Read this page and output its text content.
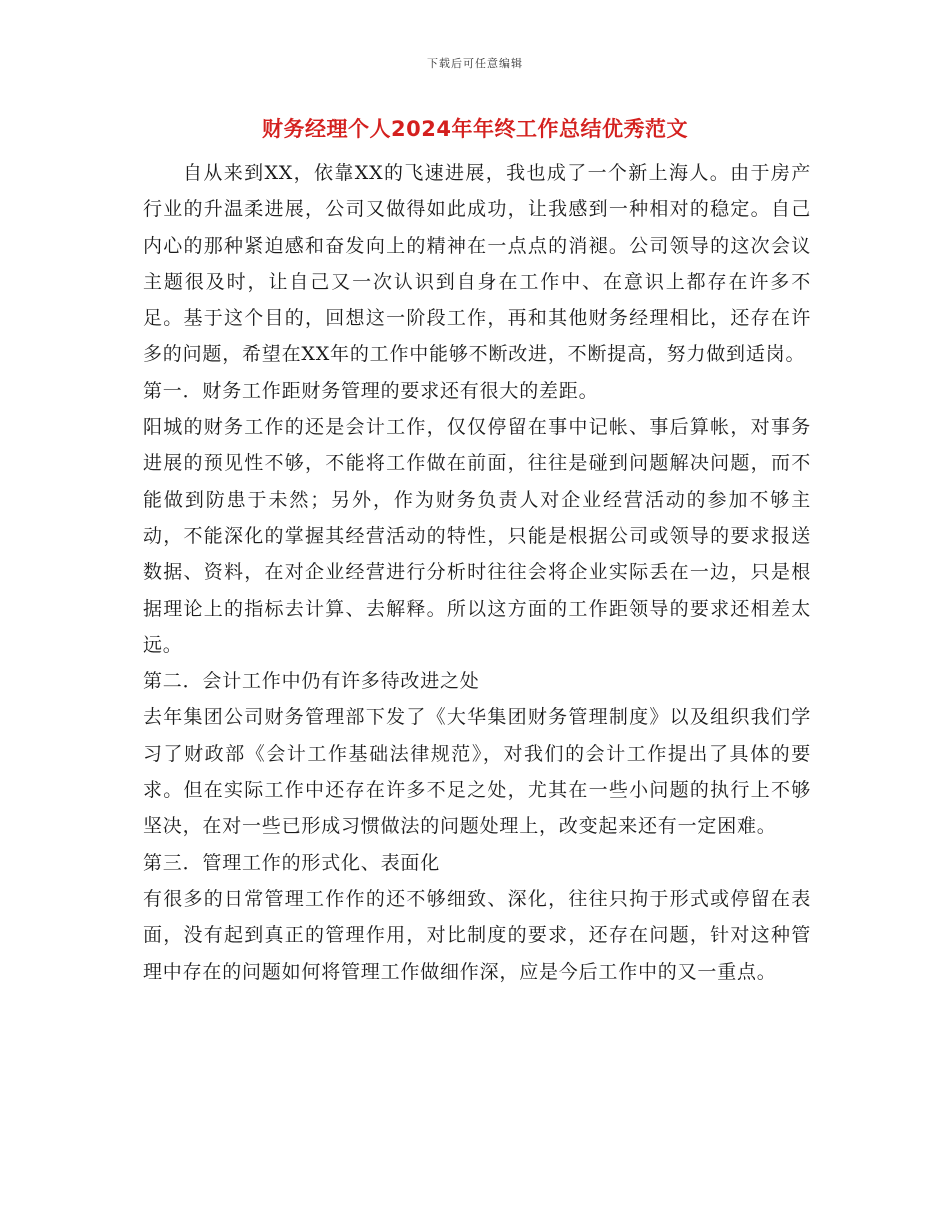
下载后可任意编辑
财务经理个人2024年年终工作总结优秀范文

自从来到XX，依靠XX的飞速进展，我也成了一个新上海人。由于房产行业的升温柔进展，公司又做得如此成功，让我感到一种相对的稳定。自己内心的那种紧迫感和奋发向上的精神在一点点的消褪。公司领导的这次会议主题很及时，让自己又一次认识到自身在工作中、在意识上都存在许多不足。基于这个目的，回想这一阶段工作，再和其他财务经理相比，还存在许多的问题，希望在XX年的工作中能够不断改进，不断提高，努力做到适岗。

第一．财务工作距财务管理的要求还有很大的差距。

阳城的财务工作的还是会计工作，仅仅停留在事中记帐、事后算帐，对事务进展的预见性不够，不能将工作做在前面，往往是碰到问题解决问题，而不能做到防患于未然；另外，作为财务负责人对企业经营活动的参加不够主动，不能深化的掌握其经营活动的特性，只能是根据公司或领导的要求报送数据、资料，在对企业经营进行分析时往往会将企业实际丢在一边，只是根据理论上的指标去计算、去解释。所以这方面的工作距领导的要求还相差太远。

第二．会计工作中仍有许多待改进之处

去年集团公司财务管理部下发了《大华集团财务管理制度》以及组织我们学习了财政部《会计工作基础法律规范》，对我们的会计工作提出了具体的要求。但在实际工作中还存在许多不足之处，尤其在一些小问题的执行上不够坚决，在对一些已形成习惯做法的问题处理上，改变起来还有一定困难。

第三．管理工作的形式化、表面化

有很多的日常管理工作作的还不够细致、深化，往往只拘于形式或停留在表面，没有起到真正的管理作用，对比制度的要求，还存在问题，针对这种管理中存在的问题如何将管理工作做细作深，应是今后工作中的又一重点。
